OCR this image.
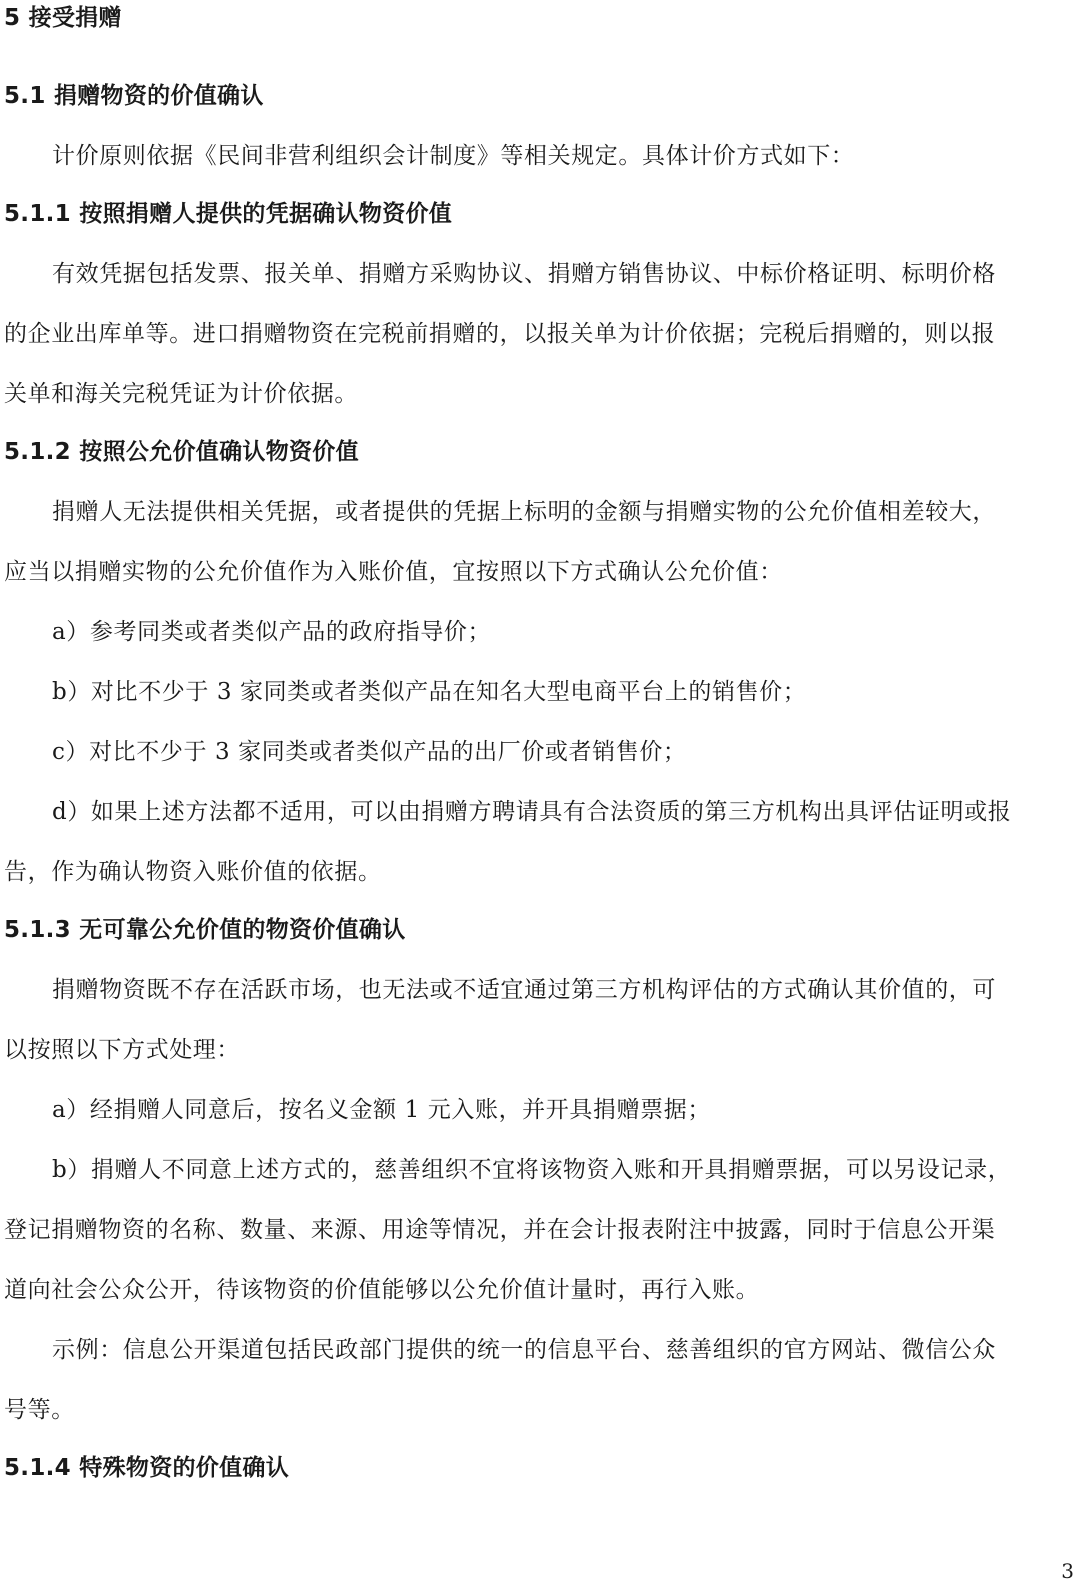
5 接受捐赠
5.1 捐赠物资的价值确认
计价原则依据《民间非营利组织会计制度》等相关规定。具体计价方式如下：
5.1.1 按照捐赠人提供的凭据确认物资价值
有效凭据包括发票、报关单、捐赠方采购协议、捐赠方销售协议、中标价格证明、标明价格
的企业出库单等。进口捐赠物资在完税前捐赠的，以报关单为计价依据；完税后捐赠的，则以报
关单和海关完税凭证为计价依据。
5.1.2 按照公允价值确认物资价值
捐赠人无法提供相关凭据，或者提供的凭据上标明的金额与捐赠实物的公允价值相差较大，
应当以捐赠实物的公允价值作为入账价值，宜按照以下方式确认公允价值：
a）参考同类或者类似产品的政府指导价；
b）对比不少于 3 家同类或者类似产品在知名大型电商平台上的销售价；
c）对比不少于 3 家同类或者类似产品的出厂价或者销售价；
d）如果上述方法都不适用，可以由捐赠方聘请具有合法资质的第三方机构出具评估证明或报
告，作为确认物资入账价值的依据。
5.1.3 无可靠公允价值的物资价值确认
捐赠物资既不存在活跃市场，也无法或不适宜通过第三方机构评估的方式确认其价值的，可
以按照以下方式处理：
a）经捐赠人同意后，按名义金额 1 元入账，并开具捐赠票据；
b）捐赠人不同意上述方式的，慈善组织不宜将该物资入账和开具捐赠票据，可以另设记录，
登记捐赠物资的名称、数量、来源、用途等情况，并在会计报表附注中披露，同时于信息公开渠
道向社会公众公开，待该物资的价值能够以公允价值计量时，再行入账。
示例：信息公开渠道包括民政部门提供的统一的信息平台、慈善组织的官方网站、微信公众
号等。
5.1.4 特殊物资的价值确认
3
